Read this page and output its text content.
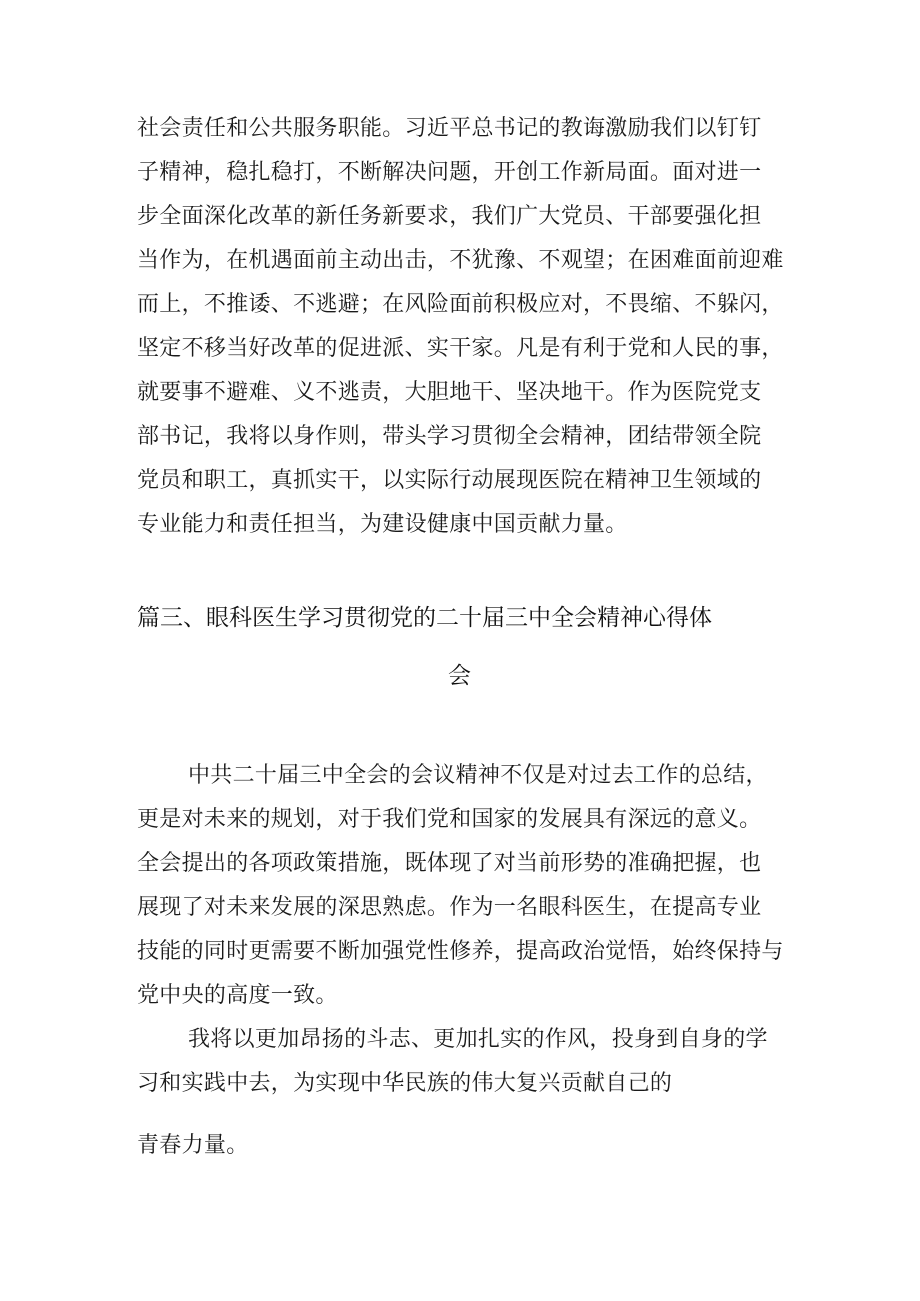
社会责任和公共服务职能。习近平总书记的教诲激励我们以钉钉
子精神，稳扎稳打，不断解决问题，开创工作新局面。面对进一
步全面深化改革的新任务新要求，我们广大党员、干部要强化担
当作为，在机遇面前主动出击，不犹豫、不观望；在困难面前迎难
而上，不推诿、不逃避；在风险面前积极应对，不畏缩、不躲闪，
坚定不移当好改革的促进派、实干家。凡是有利于党和人民的事，
就要事不避难、义不逃责，大胆地干、坚决地干。作为医院党支
部书记，我将以身作则，带头学习贯彻全会精神，团结带领全院
党员和职工，真抓实干，以实际行动展现医院在精神卫生领域的
专业能力和责任担当，为建设健康中国贡献力量。
篇三、眼科医生学习贯彻党的二十届三中全会精神心得体
会
中共二十届三中全会的会议精神不仅是对过去工作的总结，
更是对未来的规划，对于我们党和国家的发展具有深远的意义。
全会提出的各项政策措施，既体现了对当前形势的准确把握，也
展现了对未来发展的深思熟虑。作为一名眼科医生，在提高专业
技能的同时更需要不断加强党性修养，提高政治觉悟，始终保持与
党中央的高度一致。
我将以更加昂扬的斗志、更加扎实的作风，投身到自身的学
习和实践中去，为实现中华民族的伟大复兴贡献自己的
青春力量。
